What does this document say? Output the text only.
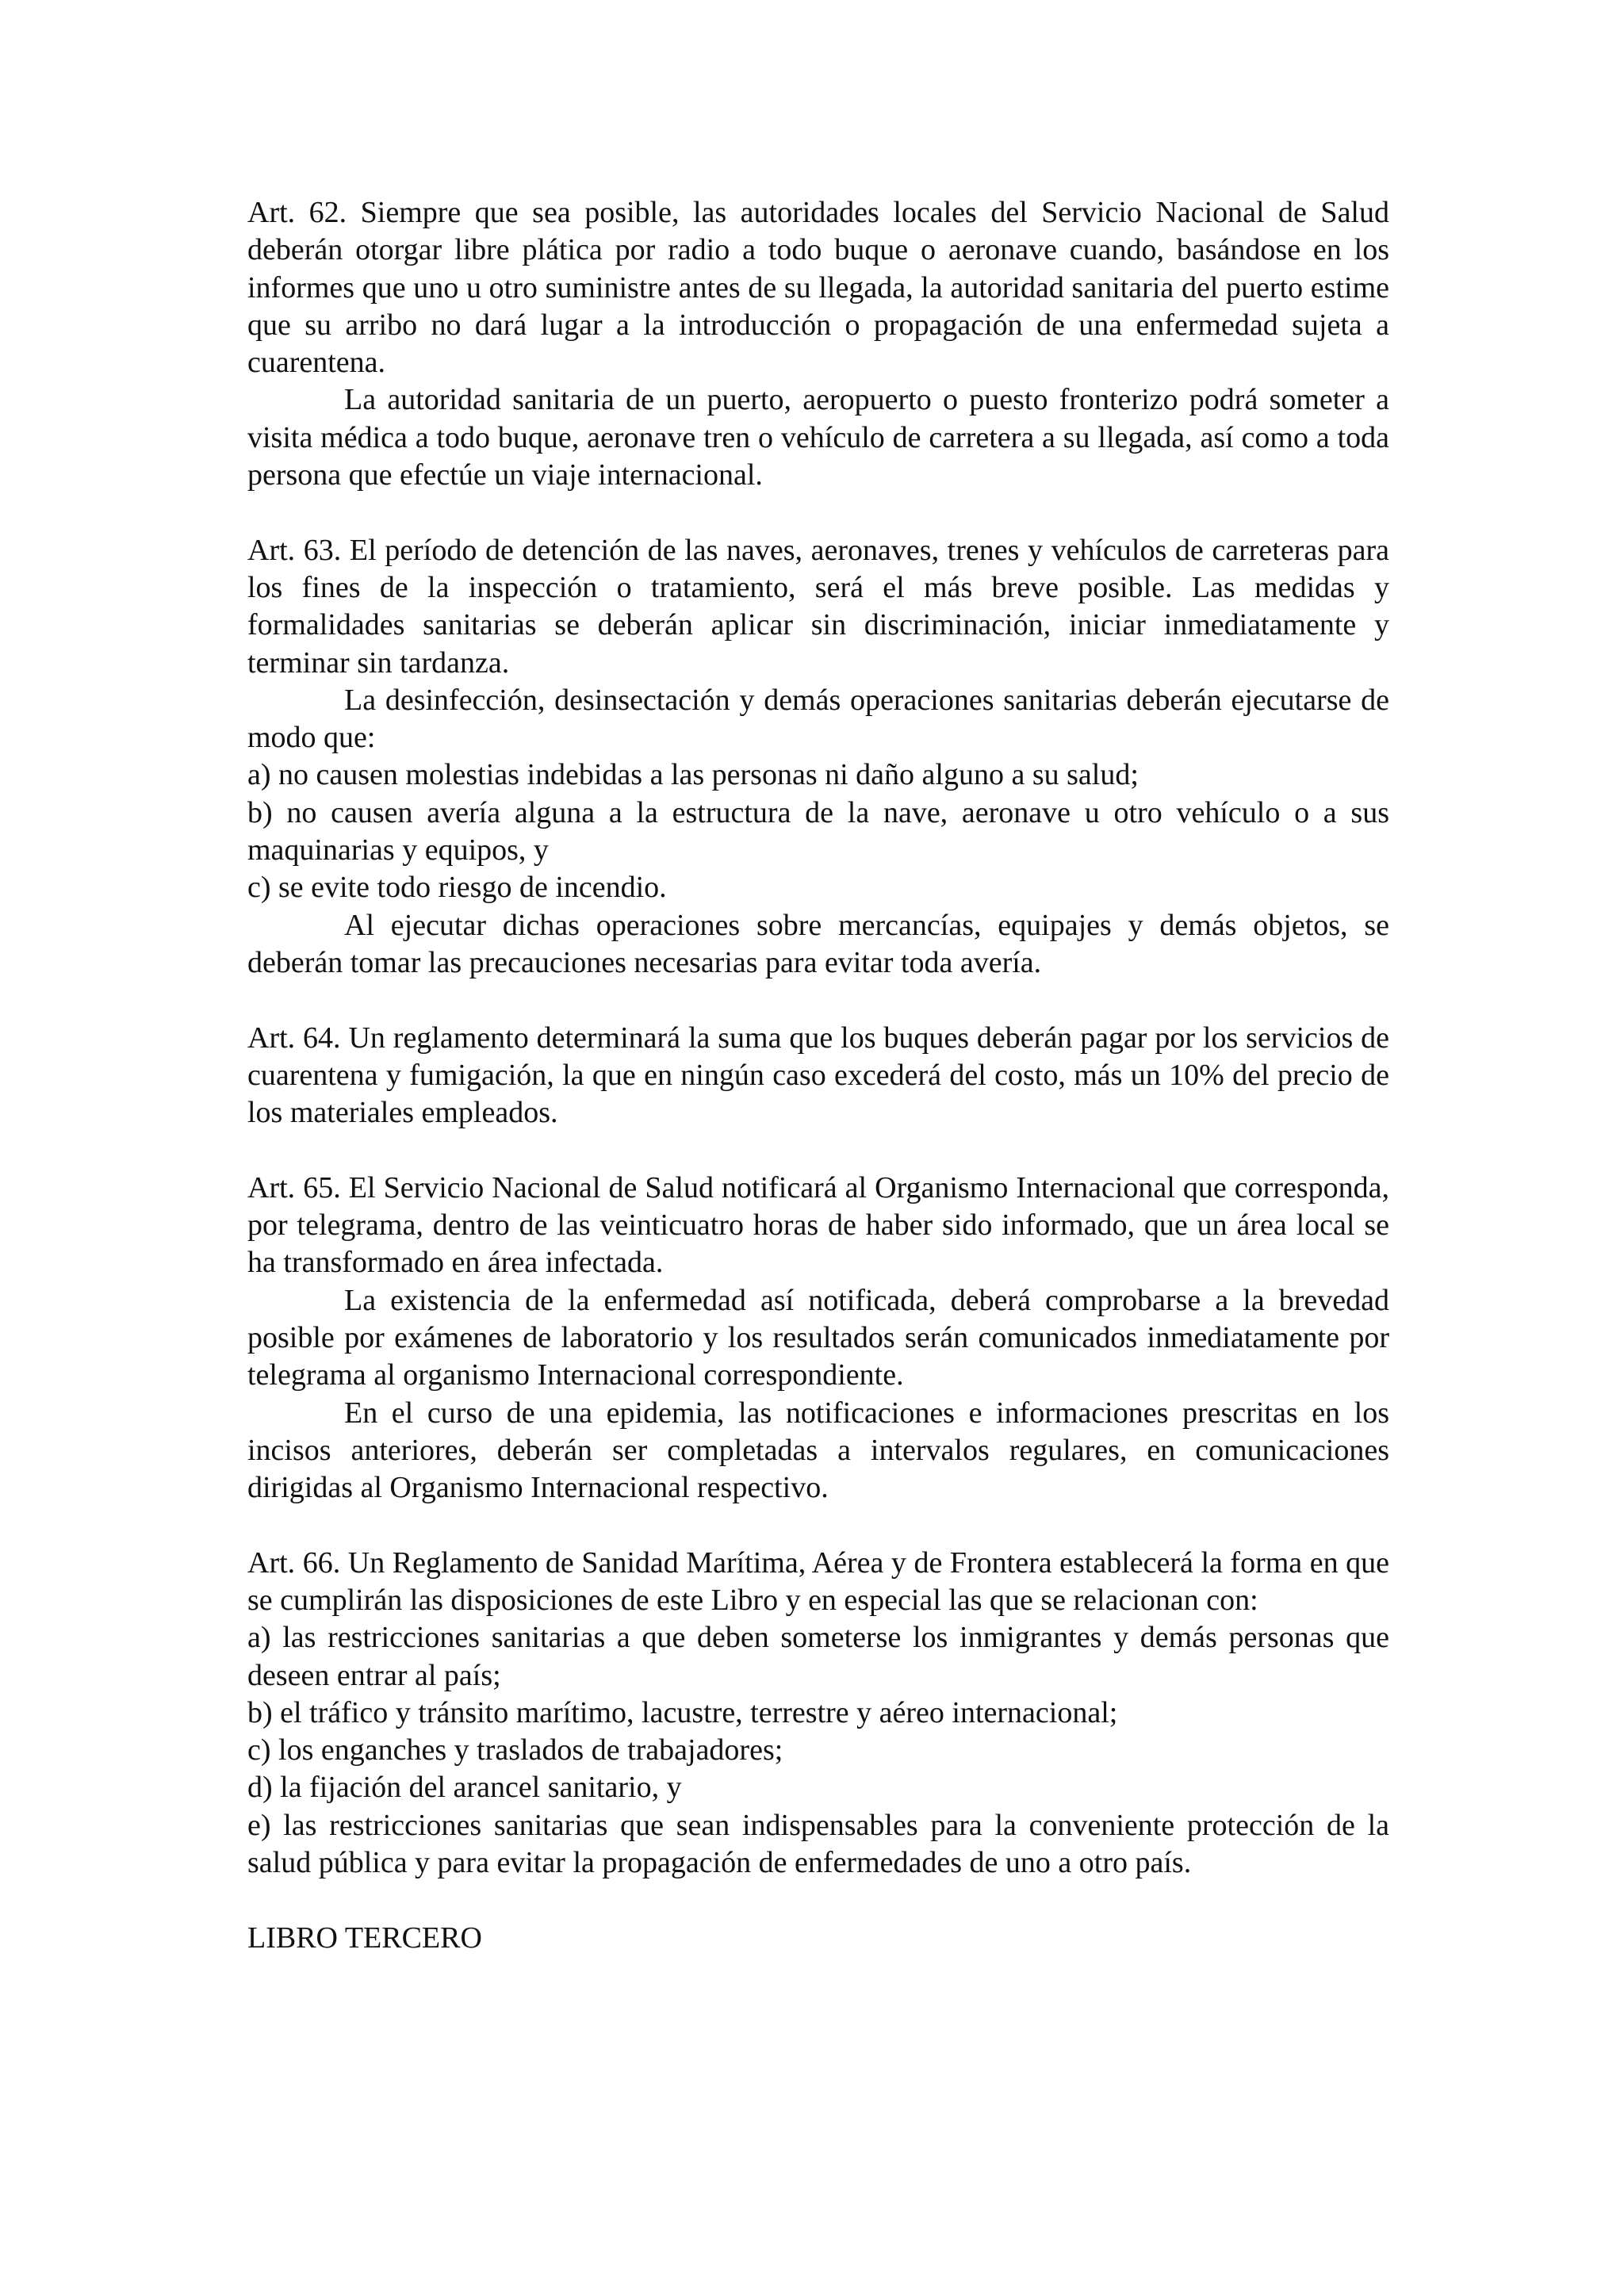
Art. 62. Siempre que sea posible, las autoridades locales del Servicio Nacional de Salud deberán otorgar libre plática por radio a todo buque o aeronave cuando, basándose en los informes que uno u otro suministre antes de su llegada, la autoridad sanitaria del puerto estime que su arribo no dará lugar a la introducción o propagación de una enfermedad sujeta a cuarentena.

La autoridad sanitaria de un puerto, aeropuerto o puesto fronterizo podrá someter a visita médica a todo buque, aeronave tren o vehículo de carretera a su llegada, así como a toda persona que efectúe un viaje internacional.

Art. 63. El período de detención de las naves, aeronaves, trenes y vehículos de carreteras para los fines de la inspección o tratamiento, será el más breve posible. Las medidas y formalidades sanitarias se deberán aplicar sin discriminación, iniciar inmediatamente y terminar sin tardanza.

La desinfección, desinsectación y demás operaciones sanitarias deberán ejecutarse de modo que:

a) no causen molestias indebidas a las personas ni daño alguno a su salud;

b) no causen avería alguna a la estructura de la nave, aeronave u otro vehículo o a sus maquinarias y equipos, y

c) se evite todo riesgo de incendio.

Al ejecutar dichas operaciones sobre mercancías, equipajes y demás objetos, se deberán tomar las precauciones necesarias para evitar toda avería.

Art. 64. Un reglamento determinará la suma que los buques deberán pagar por los servicios de cuarentena y fumigación, la que en ningún caso excederá del costo, más un 10% del precio de los materiales empleados.

Art. 65. El Servicio Nacional de Salud notificará al Organismo Internacional que corresponda, por telegrama, dentro de las veinticuatro horas de haber sido informado, que un área local se ha transformado en área infectada.

La existencia de la enfermedad así notificada, deberá comprobarse a la brevedad posible por exámenes de laboratorio y los resultados serán comunicados inmediatamente por telegrama al organismo Internacional correspondiente.

En el curso de una epidemia, las notificaciones e informaciones prescritas en los incisos anteriores, deberán ser completadas a intervalos regulares, en comunicaciones dirigidas al Organismo Internacional respectivo.

Art. 66. Un Reglamento de Sanidad Marítima, Aérea y de Frontera establecerá la forma en que se cumplirán las disposiciones de este Libro y en especial las que se relacionan con:

a) las restricciones sanitarias a que deben someterse los inmigrantes y demás personas que deseen entrar al país;

b) el tráfico y tránsito marítimo, lacustre, terrestre y aéreo internacional;

c) los enganches y traslados de trabajadores;

d) la fijación del arancel sanitario, y

e) las restricciones sanitarias que sean indispensables para la conveniente protección de la salud pública y para evitar la propagación de enfermedades de uno a otro país.

LIBRO TERCERO
